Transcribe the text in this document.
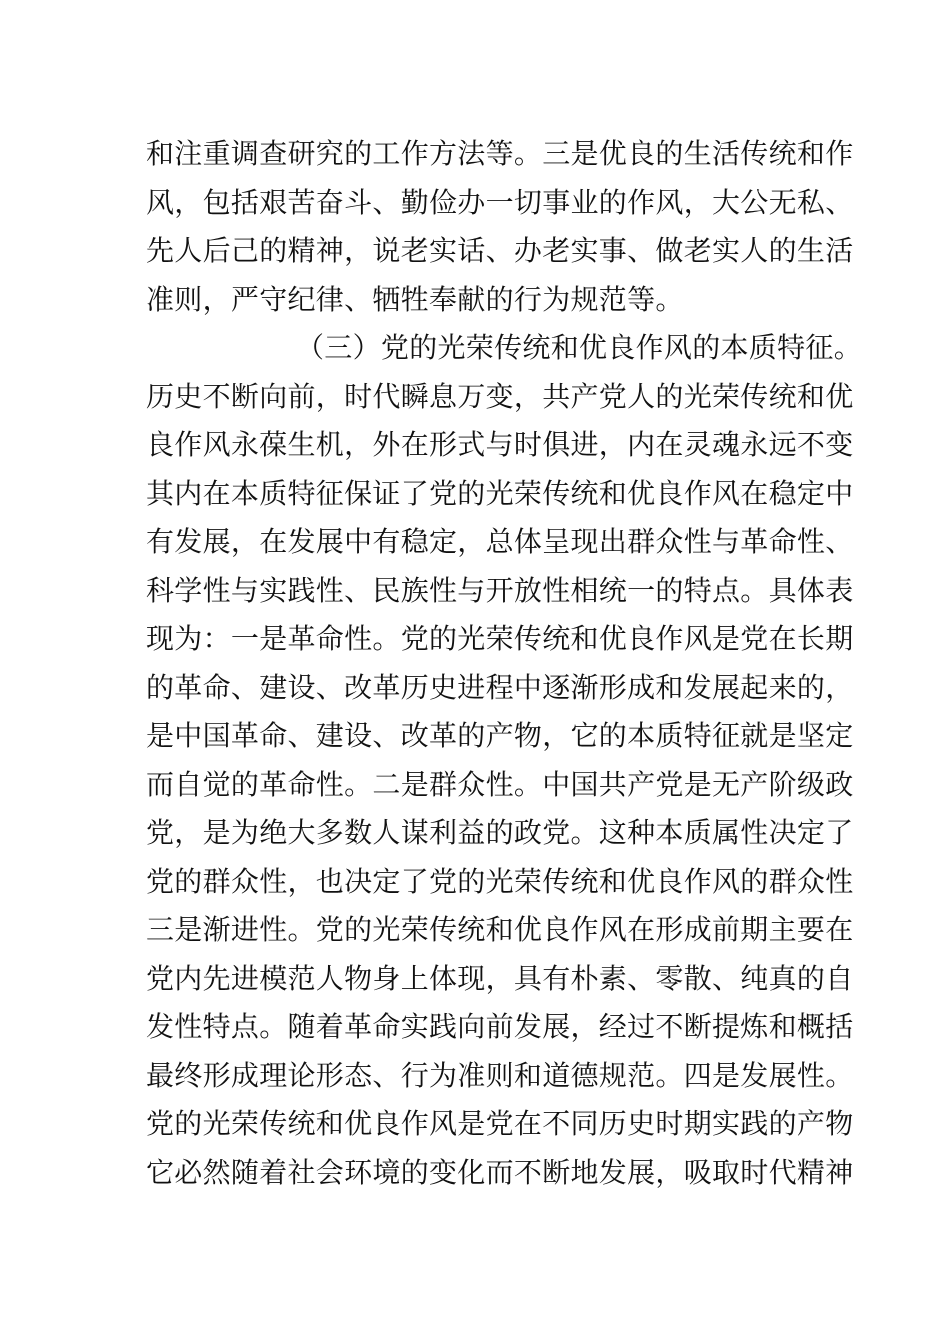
和注重调查研究的工作方法等。三是优良的生活传统和作
风，包括艰苦奋斗、勤俭办一切事业的作风，大公无私、
先人后己的精神，说老实话、办老实事、做老实人的生活
准则，严守纪律、牺牲奉献的行为规范等。
（三）党的光荣传统和优良作风的本质特征。
历史不断向前，时代瞬息万变，共产党人的光荣传统和优
良作风永葆生机，外在形式与时俱进，内在灵魂永远不变
其内在本质特征保证了党的光荣传统和优良作风在稳定中
有发展，在发展中有稳定，总体呈现出群众性与革命性、
科学性与实践性、民族性与开放性相统一的特点。具体表
现为：一是革命性。党的光荣传统和优良作风是党在长期
的革命、建设、改革历史进程中逐渐形成和发展起来的，
是中国革命、建设、改革的产物，它的本质特征就是坚定
而自觉的革命性。二是群众性。中国共产党是无产阶级政
党，是为绝大多数人谋利益的政党。这种本质属性决定了
党的群众性，也决定了党的光荣传统和优良作风的群众性
三是渐进性。党的光荣传统和优良作风在形成前期主要在
党内先进模范人物身上体现，具有朴素、零散、纯真的自
发性特点。随着革命实践向前发展，经过不断提炼和概括
最终形成理论形态、行为准则和道德规范。四是发展性。
党的光荣传统和优良作风是党在不同历史时期实践的产物
它必然随着社会环境的变化而不断地发展，吸取时代精神
